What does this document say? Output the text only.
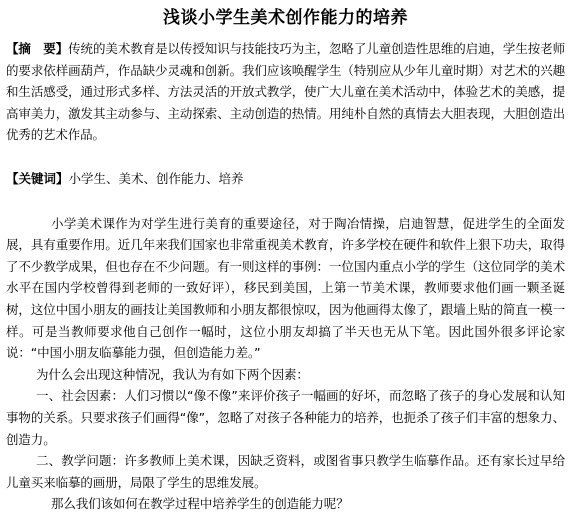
浅谈小学生美术创作能力的培养
【摘　要】传统的美术教育是以传授知识与技能技巧为主，忽略了儿童创造性思维的启迪，学生按老师的要求依样画葫芦，作品缺少灵魂和创新。我们应该唤醒学生（特别应从少年儿童时期）对艺术的兴趣和生活感受，通过形式多样、方法灵活的开放式教学，使广大儿童在美术活动中，体验艺术的美感，提高审美力，激发其主动参与、主动探索、主动创造的热情。用纯朴自然的真情去大胆表现，大胆创造出优秀的艺术作品。
【关键词】小学生、美术、创作能力、培养

小学美术课作为对学生进行美育的重要途径，对于陶冶情操，启迪智慧，促进学生的全面发展，具有重要作用。近几年来我们国家也非常重视美术教育，许多学校在硬件和软件上狠下功夫，取得了不少教学成果，但也存在不少问题。有一则这样的事例：一位国内重点小学的学生（这位同学的美术水平在国内学校曾得到老师的一致好评），移民到美国，上第一节美术课，教师要求他们画一颗圣诞树，这位中国小朋友的画技让美国教师和小朋友都很惊叹，因为他画得太像了，跟墙上贴的简直一模一样。可是当教师要求他自己创作一幅时，这位小朋友却搞了半天也无从下笔。因此国外很多评论家说：“中国小朋友临摹能力强，但创造能力差。”

为什么会出现这种情况，我认为有如下两个因素：

一、社会因素：人们习惯以“像不像”来评价孩子一幅画的好坏，而忽略了孩子的身心发展和认知事物的关系。只要求孩子们画得“像”，忽略了对孩子各种能力的培养，也扼杀了孩子们丰富的想象力、创造力。

二、教学问题：许多教师上美术课，因缺乏资料，或图省事只教学生临摹作品。还有家长过早给儿童买来临摹的画册，局限了学生的思维发展。

那么我们该如何在教学过程中培养学生的创造能力呢？
